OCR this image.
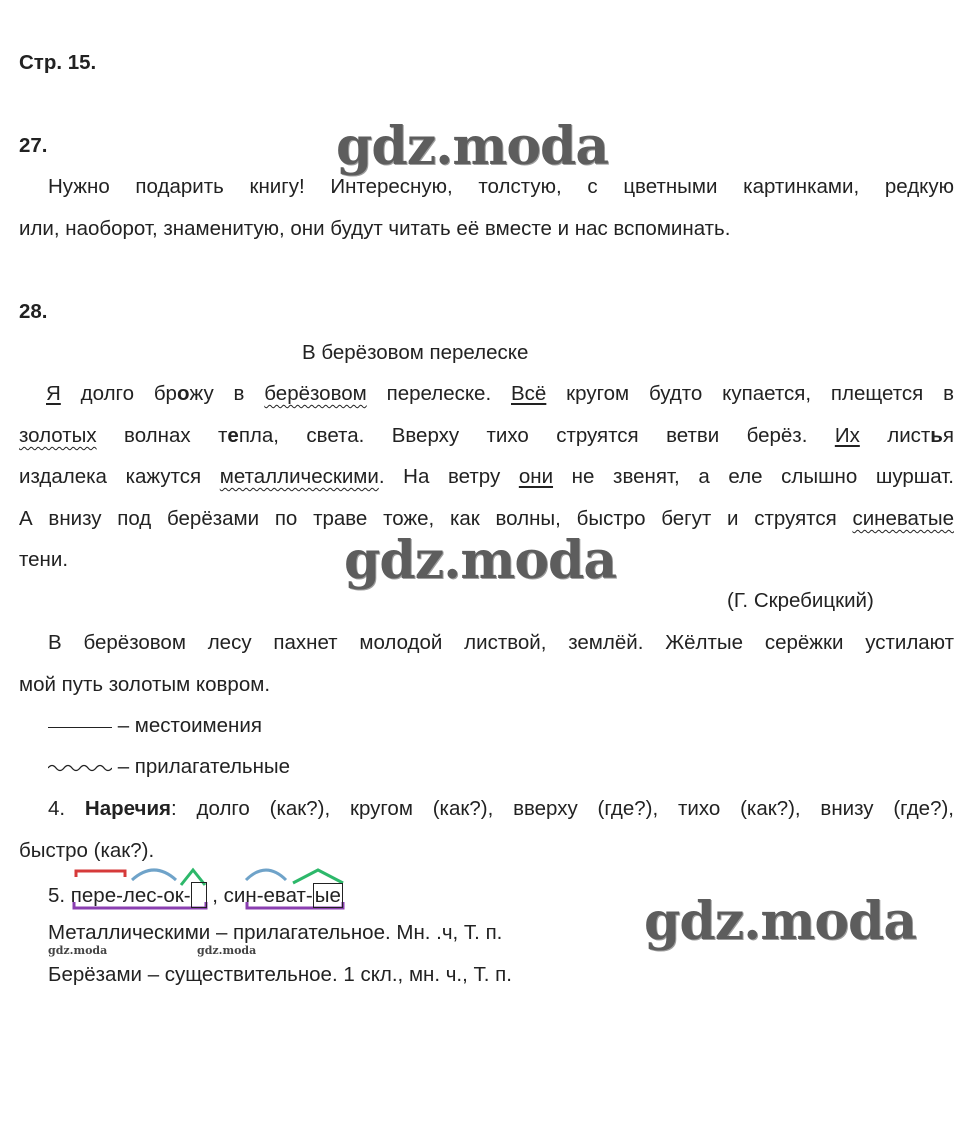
Стр. 15.
27.	gdz.moda
Нужно подарить книгу! Интересную, толстую, с цветными картинками, редкую
или, наоборот, знаменитую, они будут читать её вместе и нас вспоминать.
28.
В берёзовом перелеске
Я долго брожу в берёзовом перелеске. Всё кругом будто купается, плещется в
золотых волнах тепла, света. Вверху тихо струятся ветви берёз. Их листья
издалека кажутся металлическими. На ветру они не звенят, а еле слышно шуршат.
А внизу под берёзами по траве тоже, как волны, быстро бегут и струятся синеватые
тени.	gdz.moda
(Г. Скребицкий)
В берёзовом лесу пахнет молодой листвой, землёй. Жёлтые серёжки устилают
мой путь золотым ковром.
– местоимения
– прилагательные
4. Наречия: долго (как?), кругом (как?), вверху (где?), тихо (как?), внизу (где?),
быстро (как?).
5. пере-лес-ок- , син-еват-ые	gdz.moda
Металлическими – прилагательное. Мн. .ч, Т. п.
gdz.moda	gdz.moda
Берёзами – существительное. 1 скл., мн. ч., Т. п.
